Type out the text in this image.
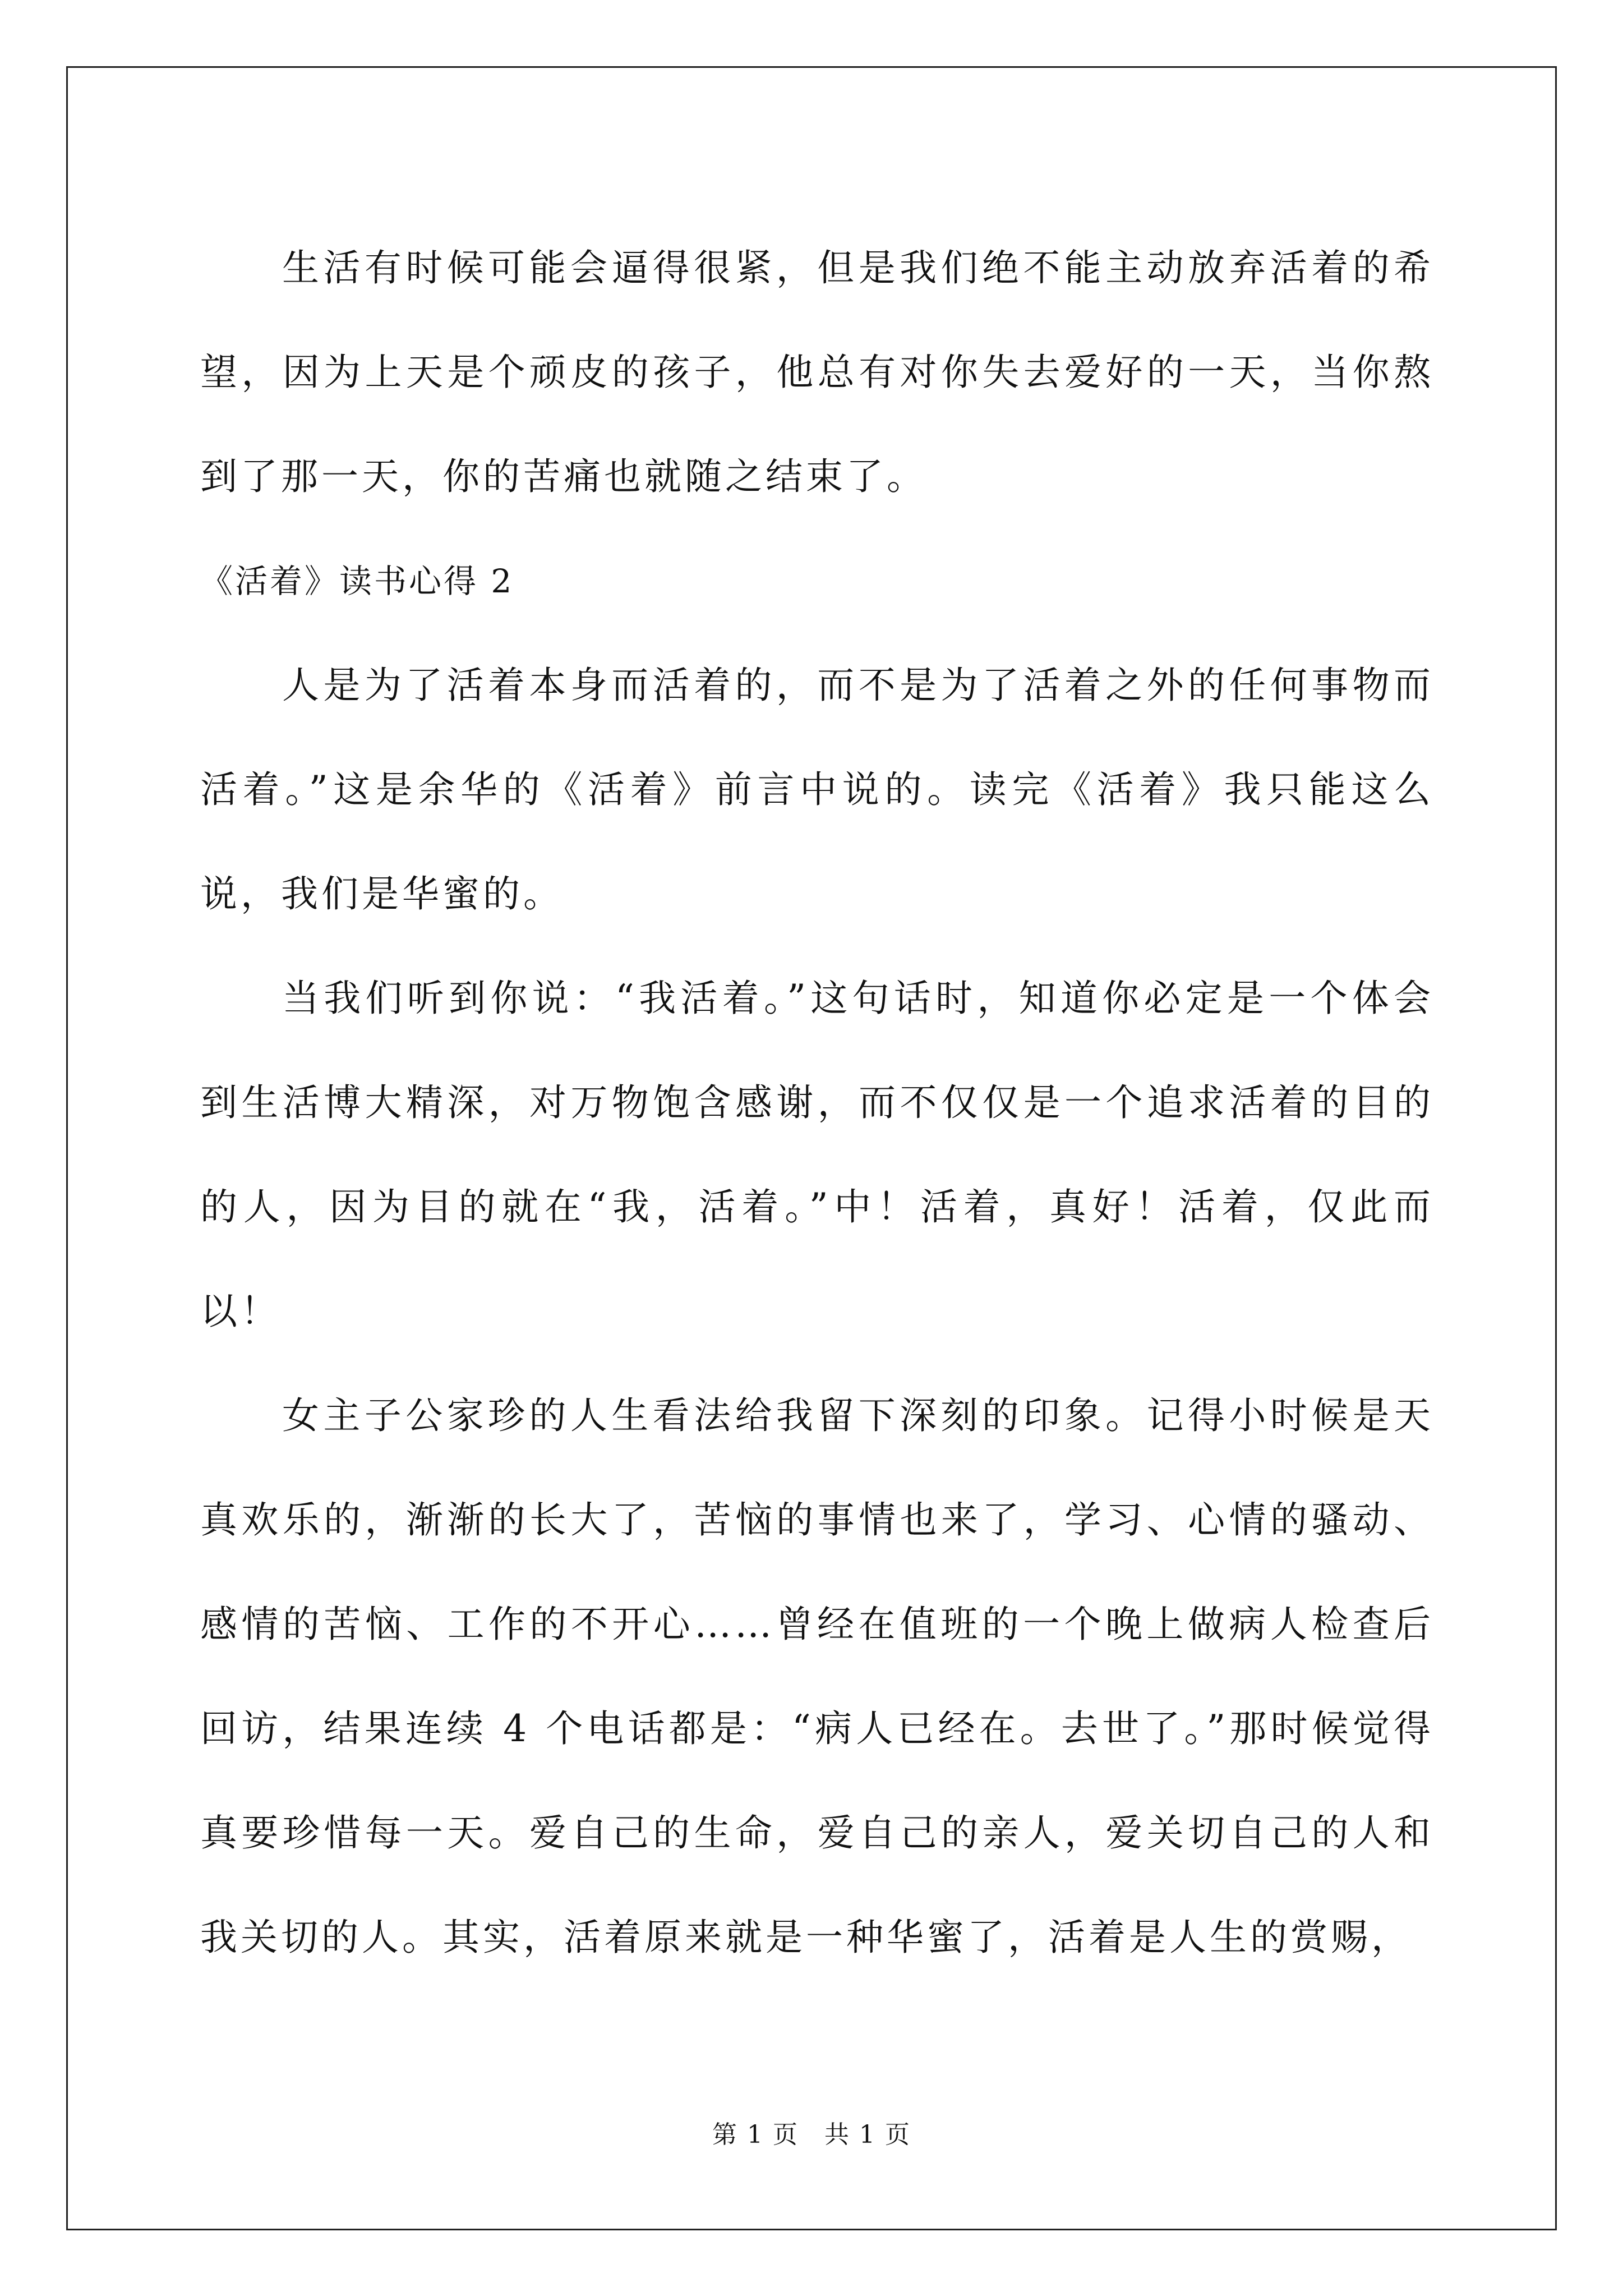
生活有时候可能会逼得很紧，但是我们绝不能主动放弃活着的希望，因为上天是个顽皮的孩子，他总有对你失去爱好的一天，当你熬到了那一天，你的苦痛也就随之结束了。

《活着》读书心得 2

人是为了活着本身而活着的，而不是为了活着之外的任何事物而活着。”这是余华的《活着》前言中说的。读完《活着》我只能这么说，我们是华蜜的。

当我们听到你说：“我活着。”这句话时，知道你必定是一个体会到生活博大精深，对万物饱含感谢，而不仅仅是一个追求活着的目的的人，因为目的就在“我，活着。”中！活着，真好！活着，仅此而以！

女主子公家珍的人生看法给我留下深刻的印象。记得小时候是天真欢乐的，渐渐的长大了，苦恼的事情也来了，学习、心情的骚动、感情的苦恼、工作的不开心……曾经在值班的一个晚上做病人检查后回访，结果连续 4 个电话都是：“病人已经在。去世了。”那时候觉得真要珍惜每一天。爱自己的生命，爱自己的亲人，爱关切自己的人和我关切的人。其实，活着原来就是一种华蜜了，活着是人生的赏赐，

第 1 页　共 1 页
